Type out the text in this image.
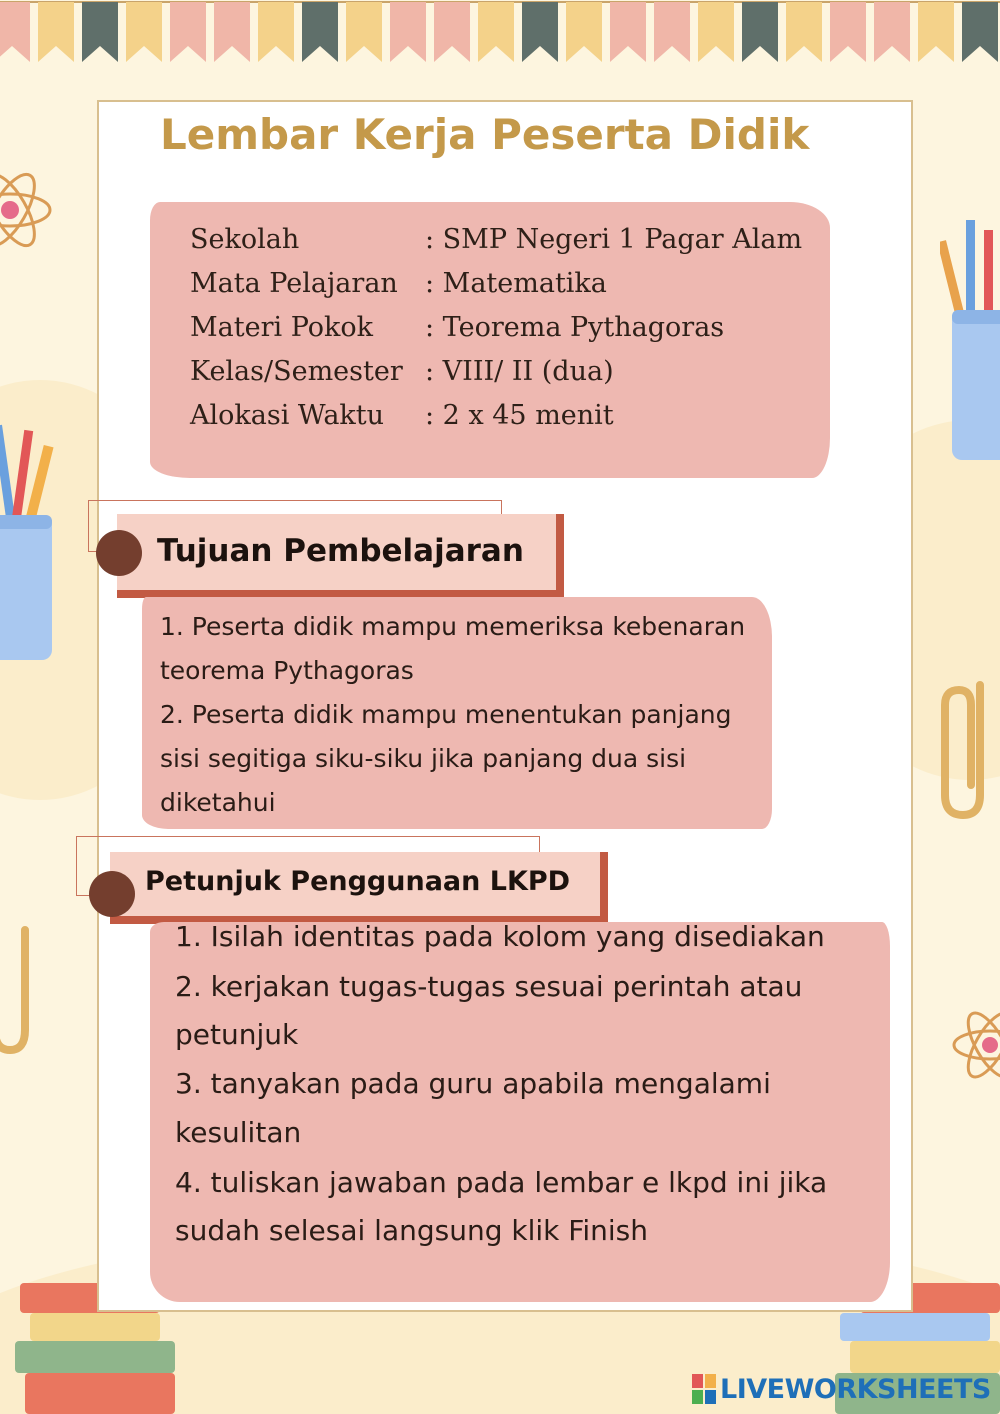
Lembar Kerja Peserta Didik
Sekolah	: SMP Negeri 1 Pagar Alam
Mata Pelajaran	: Matematika
Materi Pokok	: Teorema Pythagoras
Kelas/Semester : VIII/ II (dua)
Alokasi Waktu	: 2 x 45 menit
Tujuan Pembelajaran
1. Peserta didik mampu memeriksa kebenaran
teorema Pythagoras
2. Peserta didik mampu menentukan panjang
sisi segitiga siku-siku jika panjang dua sisi
diketahui
Petunjuk Penggunaan LKPD
1. Isilah identitas pada kolom yang disediakan
2. kerjakan tugas-tugas sesuai perintah atau
petunjuk
3. tanyakan pada guru apabila mengalami
kesulitan
4. tuliskan jawaban pada lembar e lkpd ini jika
sudah selesai langsung klik Finish
LIVEWORKSHEETS
